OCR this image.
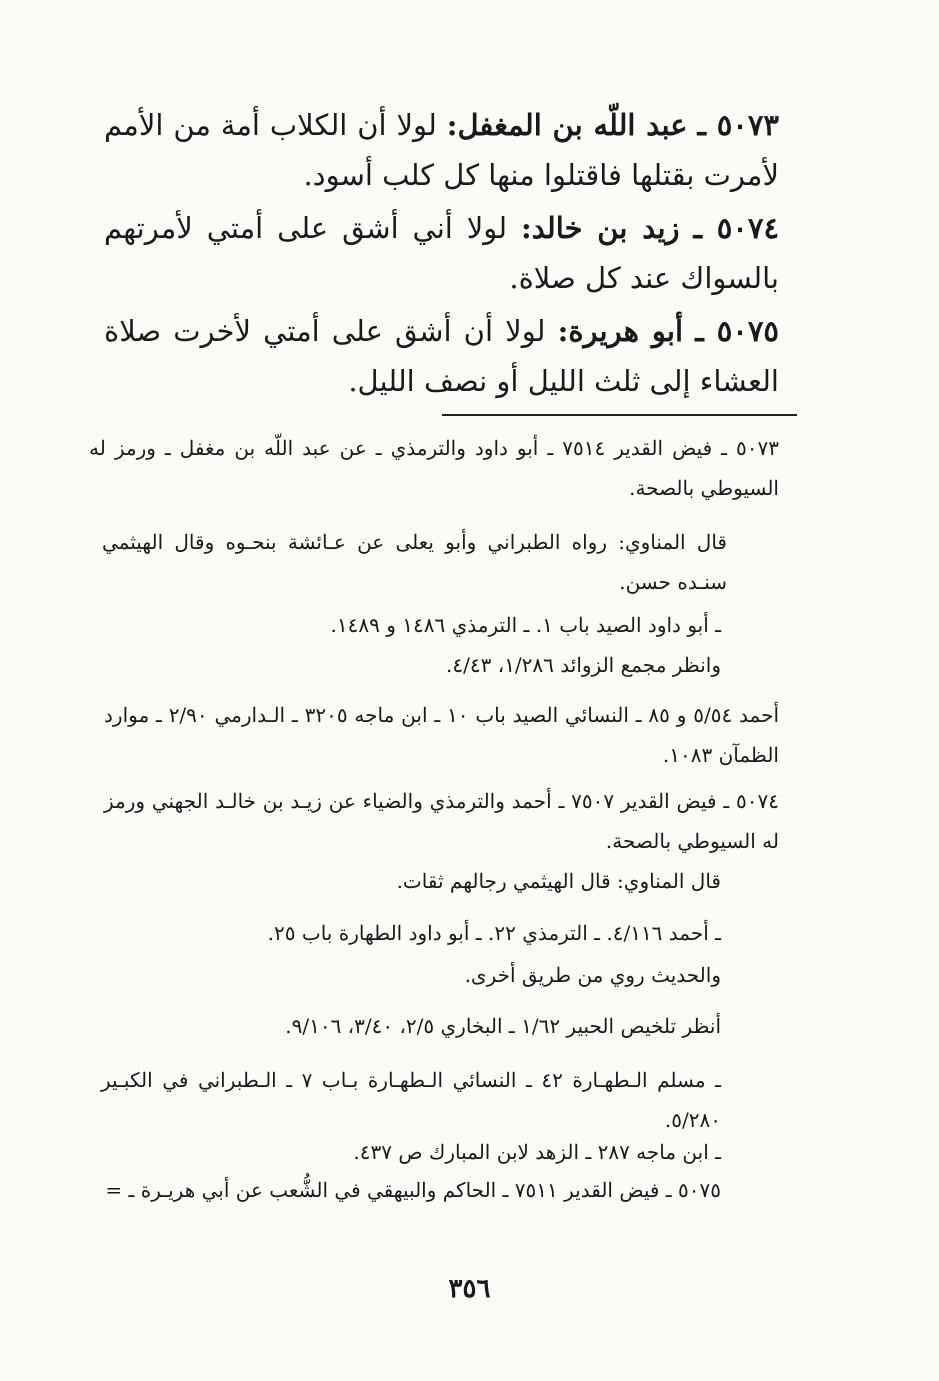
٥٠٧٣ ـ عبد اللّه بن المغفل: لولا أن الكلاب أمة من الأمم لأمرت بقتلها فاقتلوا منها كل كلب أسود.
٥٠٧٤ ـ زيد بن خالد: لولا أني أشق على أمتي لأمرتهم بالسواك عند كل صلاة.
٥٠٧٥ ـ أبو هريرة: لولا أن أشق على أمتي لأخرت صلاة العشاء إلى ثلث الليل أو نصف الليل.
٥٠٧٣ ـ فيض القدير ٧٥١٤ ـ أبو داود والترمذي ـ عن عبد اللّه بن مغفل ـ ورمز له السيوطي بالصحة.
قال المناوي: رواه الطبراني وأبو يعلى عن عـائشة بنحـوه وقال الهيثمي سنـده حسن.
ـ أبو داود الصيد باب ١. ـ الترمذي ١٤٨٦ و ١٤٨٩.
وانظر مجمع الزوائد ١/٢٨٦، ٤/٤٣.
أحمد ٥/٥٤ و ٨٥ ـ النسائي الصيد باب ١٠ ـ ابن ماجه ٣٢٠٥ ـ الـدارمي ٢/٩٠ ـ موارد الظمآن ١٠٨٣.
٥٠٧٤ ـ فيض القدير ٧٥٠٧ ـ أحمد والترمذي والضياء عن زيـد بن خالـد الجهني ورمز له السيوطي بالصحة.
قال المناوي: قال الهيثمي رجالهم ثقات.
ـ أحمد ٤/١١٦. ـ الترمذي ٢٢. ـ أبو داود الطهارة باب ٢٥.
والحديث روي من طريق أخرى.
أنظر تلخيص الحبير ١/٦٢ ـ البخاري ٢/٥، ٣/٤٠، ٩/١٠٦.
ـ مسلم الـطهـارة ٤٢ ـ النسائي الـطهـارة بـاب ٧ ـ الـطبراني في الكبـير ٥/٢٨٠.
ـ ابن ماجه ٢٨٧ ـ الزهد لابن المبارك ص ٤٣٧.
٥٠٧٥ ـ فيض القدير ٧٥١١ ـ الحاكم والبيهقي في الشُّعب عن أبي هريـرة ـ =
٣٥٦
